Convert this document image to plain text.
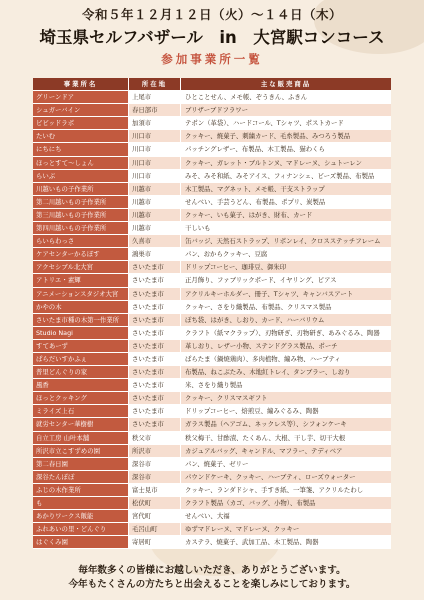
令和５年１２月１２日（火）～１４日（木）
埼玉県セルフバザール　in　大宮駅コンコース
参加事業所一覧
事業所名	所在地	主な販売商品
グリーンドア	上尾市	ひとことせん、メモ帳、ぞうきん、ふきん
シュガーバイン	春日部市	ブリザーブドフラワー
ビビッドラボ	加須市	テポン（革袋）、ハードコール、Tシャツ、ポストカード
たいむ	川口市	クッキー、焼菓子、刺繍カード、毛糸製品、みつろう製品
にちにち	川口市	パッチングレザー、布製品、木工製品、猫わくら
ほっとすて～しょん	川口市	クッキー、ガレット・ブルトンヌ、マドレーヌ、シュトーレン
らいぶ	川口市	みそ、みそ和紙、みそアイス、フィナンシェ、ビーズ製品、布製品
川越いもの子作業所	川越市	木工製品、マグネット、メモ帳、干支ストラップ
第二川越いもの子作業所	川越市	せんべい、手芸うどん、布製品、ポプリ、炭製品
第三川越いもの子作業所	川越市	クッキー、いも菓子、はがき、財布、カード
第四川越いもの子作業所	川越市	干しいも
らいらわっさ	久喜市	缶バッジ、天然石ストラップ、リボンレイ、クロスステッチフレーム
ケアセンターかるぼす	鴻巣市	パン、おからクッキー、豆腐
アクセシブル北大宮	さいたま市	ドリップコーヒー、珈琲豆、御朱印
アトリエ・素輝	さいたま市	正月飾り、ファブリックボード、イヤリング、ピアス
アニメーションスタジオ大宮	さいたま市	アクリルキーホルダー、冊子、Tシャツ、キャンバスアート
かやの木	さいたま市	クッキー、さをり織製品、布製品、クリスマス製品
さいたま市種の木第一作業所	さいたま市	ぽち袋、はがき、しおり、カード、ハーバリウム
Studio Nagi	さいたま市	クラフト（紙マクラップ）、刃物研ぎ、刃物研ぎ、あみぐるみ、陶器
すてあーず	さいたま市	革しおり、レザー小物、ステンドグラス製品、ポーチ
ぱらだいすかふぇ	さいたま市	ぱらたま（鍋焼鶏肉）、多肉植物、編み物、ハーブティ
普里どんぐりの家	さいたま市	布製品、ねこぶたみ、木地紅トレイ、タンブラー、しおり
風香	さいたま市	米、さをり織り製品
ほっとクッキング	さいたま市	クッキー、クリスマスギフト
ミライズ上石	さいたま市	ドリップコーヒー、焙煎豆、編みぐるみ、陶器
就労センター華樹樹	さいたま市	ガラス製品（ヘアゴム、ネックレス等）、シフォンケーキ
自立工房 山叶本舗	秩父市	秩父梅干、甘酢漬、たくあん、大根、干し芋、切干大根
所沢市立こすずめの園	所沢市	カジュアルバッグ、キャンドル、マフラー、テディベア
第二春日園	深谷市	パン、焼菓子、ゼリー
深谷たんぽぽ	深谷市	パウンドケーキ、クッキー、ハーブティ、ローズウォーター
ふじの木作業所	富士見市	クッキー、ランダドシャ、手すき紙、一筆箋、アクリルたわし
も	松伏町	クラフト製品（カゴ、バッグ、小物）、布製品
あかりワークス飯能	宮代町	せんべい、大福
ふれあいの里・どんぐり	毛呂山町	ゆずマドレーヌ、マドレーヌ、クッキー
はぐくみ園	寄居町	カステラ、焼菓子、武加工品、木工製品、陶器
毎年数多くの皆様にお越しいただき、ありがとうございます。
今年もたくさんの方たちと出会えることを楽しみにしております。
